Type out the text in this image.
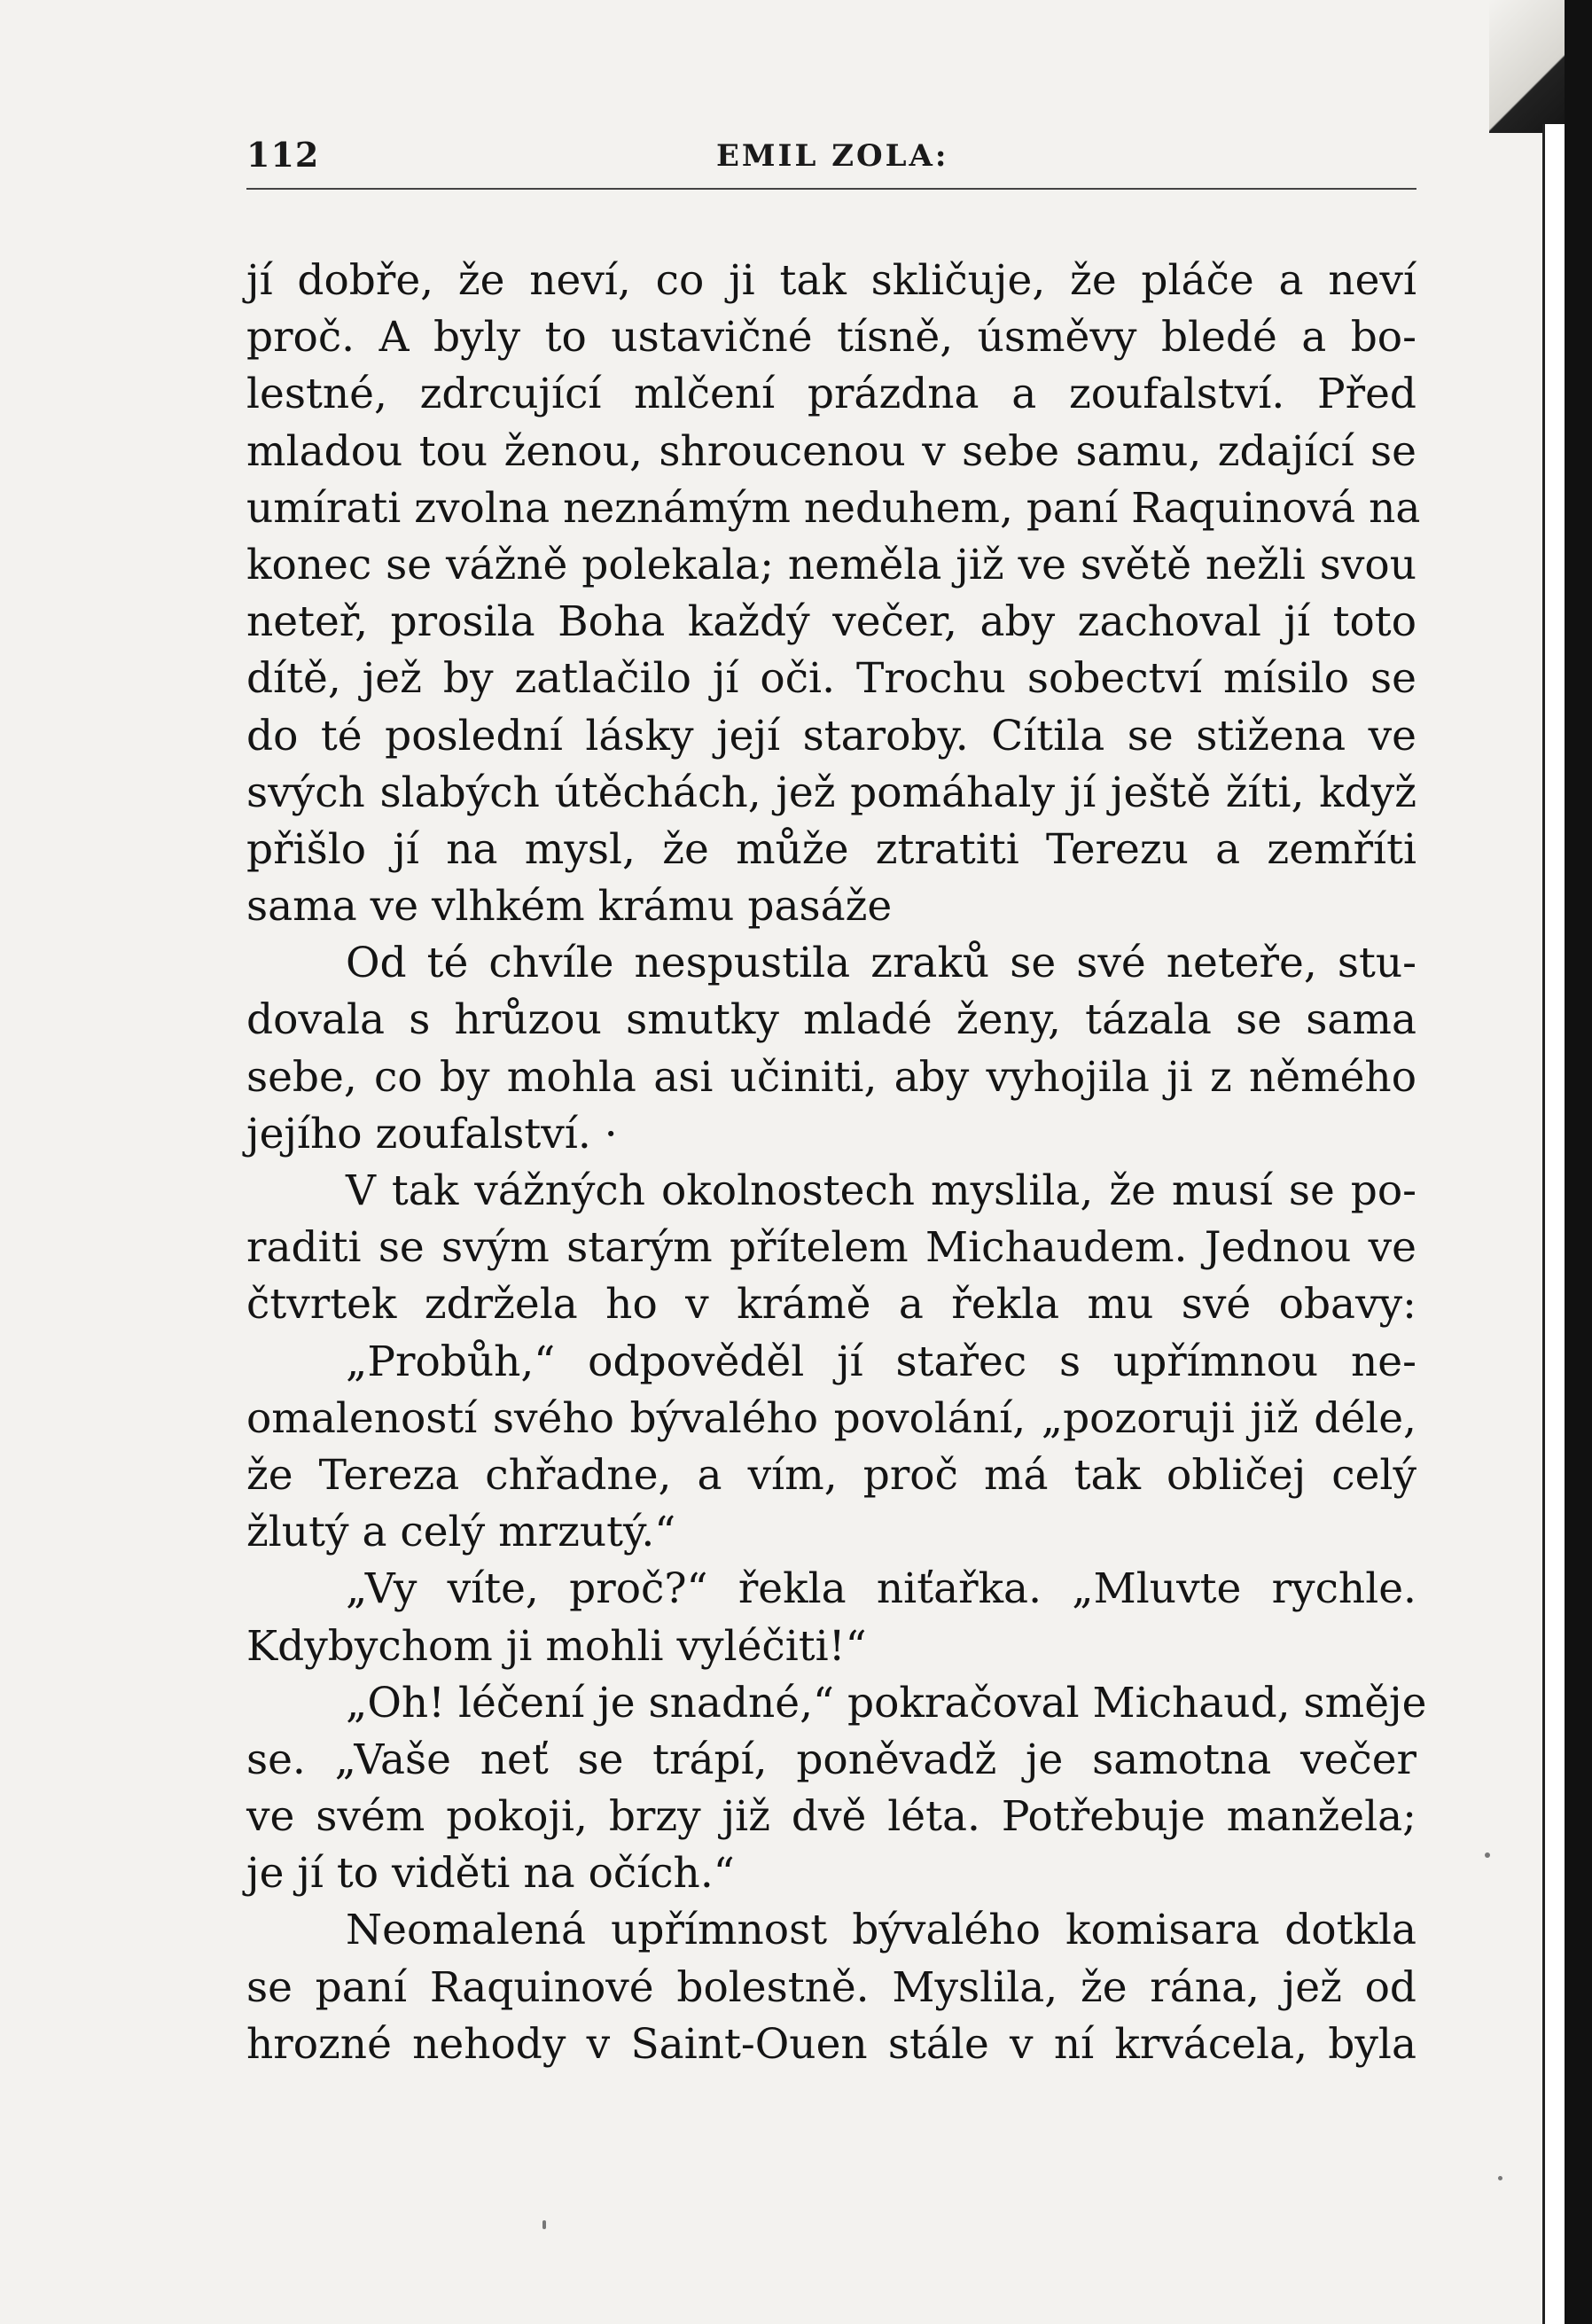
112	EMIL ZOLA:
jí dobře, že neví, co ji tak skličuje, že pláče a neví
proč. A byly to ustavičné tísně, úsměvy bledé a bo-
lestné, zdrcující mlčení prázdna a zoufalství. Před
mladou tou ženou, shroucenou v sebe samu, zdající se
umírati zvolna neznámým neduhem, paní Raquinová na
konec se vážně polekala; neměla již ve světě nežli svou
neteř, prosila Boha každý večer, aby zachoval jí toto
dítě, jež by zatlačilo jí oči. Trochu sobectví mísilo se
do té poslední lásky její staroby. Cítila se stižena ve
svých slabých útěchách, jež pomáhaly jí ještě žíti, když
přišlo jí na mysl, že může ztratiti Terezu a zemříti
sama ve vlhkém krámu pasáže
Od té chvíle nespustila zraků se své neteře, stu-
dovala s hrůzou smutky mladé ženy, tázala se sama
sebe, co by mohla asi učiniti, aby vyhojila ji z němého
jejího zoufalství. ·
V tak vážných okolnostech myslila, že musí se po-
raditi se svým starým přítelem Michaudem. Jednou ve
čtvrtek zdržela ho v krámě a řekla mu své obavy:
„Probůh,“ odpověděl jí stařec s upřímnou ne-
omaleností svého bývalého povolání, „pozoruji již déle,
že Tereza chřadne, a vím, proč má tak obličej celý
žlutý a celý mrzutý.“
„Vy víte, proč?“ řekla niťařka. „Mluvte rychle.
Kdybychom ji mohli vyléčiti!“
„Oh! léčení je snadné,“ pokračoval Michaud, směje
se. „Vaše neť se trápí, poněvadž je samotna večer
ve svém pokoji, brzy již dvě léta. Potřebuje manžela;
je jí to viděti na očích.“
Neomalená upřímnost bývalého komisara dotkla
se paní Raquinové bolestně. Myslila, že rána, jež od
hrozné nehody v Saint-Ouen stále v ní krvácela, byla
